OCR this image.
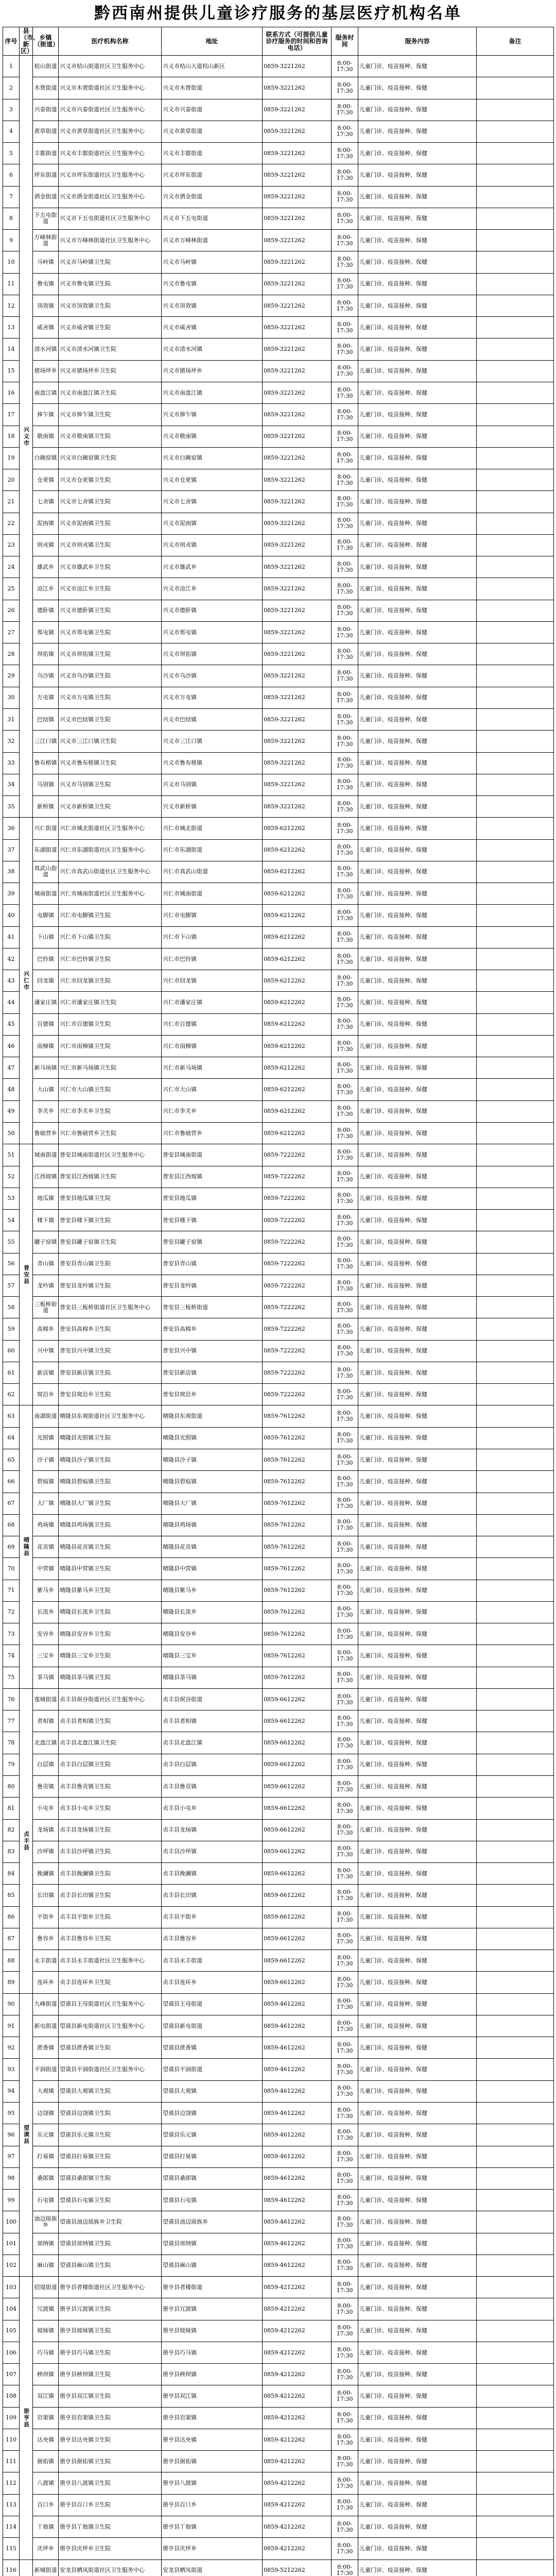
黔西南州提供儿童诊疗服务的基层医疗机构名单
序号	县（市、新区）	乡镇（街道）	医疗机构名称	地址	联系方式（可提供儿童诊疗服务的时间和咨询电话）	服务时间	服务内容	备注
1	兴义市	桔山街道	兴义市桔山街道社区卫生服务中心	兴义市桔山大道桔山新区	0859-3221262	8:00-17:30	儿童门诊、疫苗接种、保健	
2		木贾街道	兴义市木贾街道社区卫生服务中心	兴义市木贾街道	0859-3221262	8:00-17:30	儿童门诊、疫苗接种、保健	
3		兴泰街道	兴义市兴泰街道社区卫生服务中心	兴义市兴泰街道	0859-3221262	8:00-17:30	儿童门诊、疫苗接种、保健	
4		黄草街道	兴义市黄草街道社区卫生服务中心	兴义市黄草街道	0859-3221262	8:00-17:30	儿童门诊、疫苗接种、保健	
5		丰都街道	兴义市丰都街道社区卫生服务中心	兴义市丰都街道	0859-3221262	8:00-17:30	儿童门诊、疫苗接种、保健	
6		坪东街道	兴义市坪东街道社区卫生服务中心	兴义市坪东街道	0859-3221262	8:00-17:30	儿童门诊、疫苗接种、保健	
7		洒金街道	兴义市洒金街道社区卫生服务中心	兴义市洒金街道	0859-3221262	8:00-17:30	儿童门诊、疫苗接种、保健	
8		下五屯街道	兴义市下五屯街道社区卫生服务中心	兴义市下五屯街道	0859-3221262	8:00-17:30	儿童门诊、疫苗接种、保健	
9		万峰林街道	兴义市万峰林街道社区卫生服务中心	兴义市万峰林街道	0859-3221262	8:00-17:30	儿童门诊、疫苗接种、保健	
10		马岭镇	兴义市马岭镇卫生院	兴义市马岭镇	0859-3221262	8:00-17:30	儿童门诊、疫苗接种、保健	
11		鲁屯镇	兴义市鲁屯镇卫生院	兴义市鲁屯镇	0859-3221262	8:00-17:30	儿童门诊、疫苗接种、保健	
12		顶效镇	兴义市顶效镇卫生院	兴义市顶效镇	0859-3221262	8:00-17:30	儿童门诊、疫苗接种、保健	
13		威舍镇	兴义市威舍镇卫生院	兴义市威舍镇	0859-3221262	8:00-17:30	儿童门诊、疫苗接种、保健	
14		清水河镇	兴义市清水河镇卫生院	兴义市清水河镇	0859-3221262	8:00-17:30	儿童门诊、疫苗接种、保健	
15		猪场坪乡	兴义市猪场坪乡卫生院	兴义市猪场坪乡	0859-3221262	8:00-17:30	儿童门诊、疫苗接种、保健	
16		南盘江镇	兴义市南盘江镇卫生院	兴义市南盘江镇	0859-3221262	8:00-17:30	儿童门诊、疫苗接种、保健	
17		捧乍镇	兴义市捧乍镇卫生院	兴义市捧乍镇	0859-3221262	8:00-17:30	儿童门诊、疫苗接种、保健	
18		敬南镇	兴义市敬南镇卫生院	兴义市敬南镇	0859-3221262	8:00-17:30	儿童门诊、疫苗接种、保健	
19		白碗窑镇	兴义市白碗窑镇卫生院	兴义市白碗窑镇	0859-3221262	8:00-17:30	儿童门诊、疫苗接种、保健	
20		仓更镇	兴义市仓更镇卫生院	兴义市仓更镇	0859-3221262	8:00-17:30	儿童门诊、疫苗接种、保健	
21		七舍镇	兴义市七舍镇卫生院	兴义市七舍镇	0859-3221262	8:00-17:30	儿童门诊、疫苗接种、保健	
22		泥凼镇	兴义市泥凼镇卫生院	兴义市泥凼镇	0859-3221262	8:00-17:30	儿童门诊、疫苗接种、保健	
23		则戎镇	兴义市则戎镇卫生院	兴义市则戎镇	0859-3221262	8:00-17:30	儿童门诊、疫苗接种、保健	
24		雄武乡	兴义市雄武乡卫生院	兴义市雄武乡	0859-3221262	8:00-17:30	儿童门诊、疫苗接种、保健	
25		沧江乡	兴义市沧江乡卫生院	兴义市沧江乡	0859-3221262	8:00-17:30	儿童门诊、疫苗接种、保健	
26		德卧镇	兴义市德卧镇卫生院	兴义市德卧镇	0859-3221262	8:00-17:30	儿童门诊、疫苗接种、保健	
27		郑屯镇	兴义市郑屯镇卫生院	兴义市郑屯镇	0859-3221262	8:00-17:30	儿童门诊、疫苗接种、保健	
28		坝佑镇	兴义市坝佑镇卫生院	兴义市坝佑镇	0859-3221262	8:00-17:30	儿童门诊、疫苗接种、保健	
29		乌沙镇	兴义市乌沙镇卫生院	兴义市乌沙镇	0859-3221262	8:00-17:30	儿童门诊、疫苗接种、保健	
30		万屯镇	兴义市万屯镇卫生院	兴义市万屯镇	0859-3221262	8:00-17:30	儿童门诊、疫苗接种、保健	
31		巴结镇	兴义市巴结镇卫生院	兴义市巴结镇	0859-3221262	8:00-17:30	儿童门诊、疫苗接种、保健	
32		三江口镇	兴义市三江口镇卫生院	兴义市三江口镇	0859-3221262	8:00-17:30	儿童门诊、疫苗接种、保健	
33		鲁布格镇	兴义市鲁布格镇卫生院	兴义市鲁布格镇	0859-3221262	8:00-17:30	儿童门诊、疫苗接种、保健	
34		马别镇	兴义市马别镇卫生院	兴义市马别镇	0859-3221262	8:00-17:30	儿童门诊、疫苗接种、保健	
35		新桥镇	兴义市新桥镇卫生院	兴义市新桥镇	0859-3221262	8:00-17:30	儿童门诊、疫苗接种、保健	
36	兴仁市	兴仁街道	兴仁市城北街道社区卫生服务中心	兴仁市城北街道	0859-6212262	8:00-17:30	儿童门诊、疫苗接种、保健	
37		东湖街道	兴仁市东湖街道社区卫生服务中心	兴仁市东湖街道	0859-6212262	8:00-17:30	儿童门诊、疫苗接种、保健	
38		真武山街道	兴仁市真武山街道社区卫生服务中心	兴仁市真武山街道	0859-6212262	8:00-17:30	儿童门诊、疫苗接种、保健	
39		城南街道	兴仁市城南街道社区卫生服务中心	兴仁市城南街道	0859-6212262	8:00-17:30	儿童门诊、疫苗接种、保健	
40		屯脚镇	兴仁市屯脚镇卫生院	兴仁市屯脚镇	0859-6212262	8:00-17:30	儿童门诊、疫苗接种、保健	
41		下山镇	兴仁市下山镇卫生院	兴仁市下山镇	0859-6212262	8:00-17:30	儿童门诊、疫苗接种、保健	
42		巴铃镇	兴仁市巴铃镇卫生院	兴仁市巴铃镇	0859-6212262	8:00-17:30	儿童门诊、疫苗接种、保健	
43		回龙镇	兴仁市回龙镇卫生院	兴仁市回龙镇	0859-6212262	8:00-17:30	儿童门诊、疫苗接种、保健	
44		潘家庄镇	兴仁市潘家庄镇卫生院	兴仁市潘家庄镇	0859-6212262	8:00-17:30	儿童门诊、疫苗接种、保健	
45		百德镇	兴仁市百德镇卫生院	兴仁市百德镇	0859-6212262	8:00-17:30	儿童门诊、疫苗接种、保健	
46		雨樟镇	兴仁市雨樟镇卫生院	兴仁市雨樟镇	0859-6212262	8:00-17:30	儿童门诊、疫苗接种、保健	
47		新马场镇	兴仁市新马场镇卫生院	兴仁市新马场镇	0859-6212262	8:00-17:30	儿童门诊、疫苗接种、保健	
48		大山镇	兴仁市大山镇卫生院	兴仁市大山镇	0859-6212262	8:00-17:30	儿童门诊、疫苗接种、保健	
49		李关乡	兴仁市李关乡卫生院	兴仁市李关乡	0859-6212262	8:00-17:30	儿童门诊、疫苗接种、保健	
50		鲁础营乡	兴仁市鲁础营乡卫生院	兴仁市鲁础营乡	0859-6212262	8:00-17:30	儿童门诊、疫苗接种、保健	
51	普安县	城南街道	普安县城南街道社区卫生服务中心	普安县城南街道	0859-7222262	8:00-17:30	儿童门诊、疫苗接种、保健	
52		江西坡镇	普安县江西坡镇卫生院	普安县江西坡镇	0859-7222262	8:00-17:30	儿童门诊、疫苗接种、保健	
53		地瓜镇	普安县地瓜镇卫生院	普安县地瓜镇	0859-7222262	8:00-17:30	儿童门诊、疫苗接种、保健	
54		楼下镇	普安县楼下镇卫生院	普安县楼下镇	0859-7222262	8:00-17:30	儿童门诊、疫苗接种、保健	
55		罐子窑镇	普安县罐子窑镇卫生院	普安县罐子窑镇	0859-7222262	8:00-17:30	儿童门诊、疫苗接种、保健	
56		青山镇	普安县青山镇卫生院	普安县青山镇	0859-7222262	8:00-17:30	儿童门诊、疫苗接种、保健	
57		龙吟镇	普安县龙吟镇卫生院	普安县龙吟镇	0859-7222262	8:00-17:30	儿童门诊、疫苗接种、保健	
58		三板桥街道	普安县三板桥街道社区卫生服务中心	普安县三板桥街道	0859-7222262	8:00-17:30	儿童门诊、疫苗接种、保健	
59		高棉乡	普安县高棉乡卫生院	普安县高棉乡	0859-7222262	8:00-17:30	儿童门诊、疫苗接种、保健	
60		兴中镇	普安县兴中镇卫生院	普安县兴中镇	0859-7222262	8:00-17:30	儿童门诊、疫苗接种、保健	
61		新店镇	普安县新店镇卫生院	普安县新店镇	0859-7222262	8:00-17:30	儿童门诊、疫苗接种、保健	
62		窝沿乡	普安县窝沿乡卫生院	普安县窝沿乡	0859-7222262	8:00-17:30	儿童门诊、疫苗接种、保健	
63	晴隆县	南湖街道	晴隆县东观街道社区卫生服务中心	晴隆县东观街道	0859-7612262	8:00-17:30	儿童门诊、疫苗接种、保健	
64		光照镇	晴隆县光照镇卫生院	晴隆县光照镇	0859-7612262	8:00-17:30	儿童门诊、疫苗接种、保健	
65		沙子镇	晴隆县沙子镇卫生院	晴隆县沙子镇	0859-7612262	8:00-17:30	儿童门诊、疫苗接种、保健	
66		碧痕镇	晴隆县碧痕镇卫生院	晴隆县碧痕镇	0859-7612262	8:00-17:30	儿童门诊、疫苗接种、保健	
67		大厂镇	晴隆县大厂镇卫生院	晴隆县大厂镇	0859-7612262	8:00-17:30	儿童门诊、疫苗接种、保健	
68		鸡场镇	晴隆县鸡场镇卫生院	晴隆县鸡场镇	0859-7612262	8:00-17:30	儿童门诊、疫苗接种、保健	
69		花贡镇	晴隆县花贡镇卫生院	晴隆县花贡镇	0859-7612262	8:00-17:30	儿童门诊、疫苗接种、保健	
70		中营镇	晴隆县中营镇卫生院	晴隆县中营镇	0859-7612262	8:00-17:30	儿童门诊、疫苗接种、保健	
71		紫马乡	晴隆县紫马乡卫生院	晴隆县紫马乡	0859-7612262	8:00-17:30	儿童门诊、疫苗接种、保健	
72		长流乡	晴隆县长流乡卫生院	晴隆县长流乡	0859-7612262	8:00-17:30	儿童门诊、疫苗接种、保健	
73		安谷乡	晴隆县安谷乡卫生院	晴隆县安谷乡	0859-7612262	8:00-17:30	儿童门诊、疫苗接种、保健	
74		三宝乡	晴隆县三宝乡卫生院	晴隆县三宝乡	0859-7612262	8:00-17:30	儿童门诊、疫苗接种、保健	
75		茶马镇	晴隆县茶马镇卫生院	晴隆县茶马镇	0859-7612262	8:00-17:30	儿童门诊、疫苗接种、保健	
76	贞丰县	莲城街道	贞丰县珉谷街道社区卫生服务中心	贞丰县珉谷街道	0859-6612262	8:00-17:30	儿童门诊、疫苗接种、保健	
77		者相镇	贞丰县者相镇卫生院	贞丰县者相镇	0859-6612262	8:00-17:30	儿童门诊、疫苗接种、保健	
78		北盘江镇	贞丰县北盘江镇卫生院	贞丰县北盘江镇	0859-6612262	8:00-17:30	儿童门诊、疫苗接种、保健	
79		白层镇	贞丰县白层镇卫生院	贞丰县白层镇	0859-6612262	8:00-17:30	儿童门诊、疫苗接种、保健	
80		鲁贡镇	贞丰县鲁贡镇卫生院	贞丰县鲁贡镇	0859-6612262	8:00-17:30	儿童门诊、疫苗接种、保健	
81		小屯乡	贞丰县小屯乡卫生院	贞丰县小屯乡	0859-6612262	8:00-17:30	儿童门诊、疫苗接种、保健	
82		龙场镇	贞丰县龙场镇卫生院	贞丰县龙场镇	0859-6612262	8:00-17:30	儿童门诊、疫苗接种、保健	
83		沙坪镇	贞丰县沙坪镇卫生院	贞丰县沙坪镇	0859-6612262	8:00-17:30	儿童门诊、疫苗接种、保健	
84		挽澜镇	贞丰县挽澜镇卫生院	贞丰县挽澜镇	0859-6612262	8:00-17:30	儿童门诊、疫苗接种、保健	
85		长田镇	贞丰县长田镇卫生院	贞丰县长田镇	0859-6612262	8:00-17:30	儿童门诊、疫苗接种、保健	
86		平街乡	贞丰县平街乡卫生院	贞丰县平街乡	0859-6612262	8:00-17:30	儿童门诊、疫苗接种、保健	
87		鲁容乡	贞丰县鲁容乡卫生院	贞丰县鲁容乡	0859-6612262	8:00-17:30	儿童门诊、疫苗接种、保健	
88		永丰街道	贞丰县永丰街道社区卫生服务中心	贞丰县永丰街道	0859-6612262	8:00-17:30	儿童门诊、疫苗接种、保健	
89		连环乡	贞丰县连环乡卫生院	贞丰县连环乡	0859-6612262	8:00-17:30	儿童门诊、疫苗接种、保健	
90	望谟县	九峰街道	望谟县王母街道社区卫生服务中心	望谟县王母街道	0859-4612262	8:00-17:30	儿童门诊、疫苗接种、保健	
91		新屯街道	望谟县新屯街道社区卫生服务中心	望谟县新屯街道	0859-4612262	8:00-17:30	儿童门诊、疫苗接种、保健	
92		蔗香镇	望谟县蔗香镇卫生院	望谟县蔗香镇	0859-4612262	8:00-17:30	儿童门诊、疫苗接种、保健	
93		平洞街道	望谟县平洞街道社区卫生服务中心	望谟县平洞街道	0859-4612262	8:00-17:30	儿童门诊、疫苗接种、保健	
94		大观镇	望谟县大观镇卫生院	望谟县大观镇	0859-4612262	8:00-17:30	儿童门诊、疫苗接种、保健	
95		边饶镇	望谟县边饶镇卫生院	望谟县边饶镇	0859-4612262	8:00-17:30	儿童门诊、疫苗接种、保健	
96		乐元镇	望谟县乐元镇卫生院	望谟县乐元镇	0859-4612262	8:00-17:30	儿童门诊、疫苗接种、保健	
97		打易镇	望谟县打易镇卫生院	望谟县打易镇	0859-4612262	8:00-17:30	儿童门诊、疫苗接种、保健	
98		桑郎镇	望谟县桑郎镇卫生院	望谟县桑郎镇	0859-4612262	8:00-17:30	儿童门诊、疫苗接种、保健	
99		石屯镇	望谟县石屯镇卫生院	望谟县石屯镇	0859-4612262	8:00-17:30	儿童门诊、疫苗接种、保健	
100		油迈瑶族乡	望谟县油迈瑶族乡卫生院	望谟县油迈瑶族乡	0859-4612262	8:00-17:30	儿童门诊、疫苗接种、保健	
101		郊纳镇	望谟县郊纳镇卫生院	望谟县郊纳镇	0859-4612262	8:00-17:30	儿童门诊、疫苗接种、保健	
102		麻山镇	望谟县麻山镇卫生院	望谟县麻山镇	0859-4612262	8:00-17:30	儿童门诊、疫苗接种、保健	
103	册亨县	招堤街道	册亨县者楼街道社区卫生服务中心	册亨县者楼街道	0859-4212262	8:00-17:30	儿童门诊、疫苗接种、保健	
104		冗渡镇	册亨县冗渡镇卫生院	册亨县冗渡镇	0859-4212262	8:00-17:30	儿童门诊、疫苗接种、保健	
105		坡妹镇	册亨县坡妹镇卫生院	册亨县坡妹镇	0859-4212262	8:00-17:30	儿童门诊、疫苗接种、保健	
106		巧马镇	册亨县巧马镇卫生院	册亨县巧马镇	0859-4212262	8:00-17:30	儿童门诊、疫苗接种、保健	
107		秧坝镇	册亨县秧坝镇卫生院	册亨县秧坝镇	0859-4212262	8:00-17:30	儿童门诊、疫苗接种、保健	
108		双江镇	册亨县双江镇卫生院	册亨县双江镇	0859-4212262	8:00-17:30	儿童门诊、疫苗接种、保健	
109		岩架镇	册亨县岩架镇卫生院	册亨县岩架镇	0859-4212262	8:00-17:30	儿童门诊、疫苗接种、保健	
110		达央镇	册亨县达央镇卫生院	册亨县达央镇	0859-4212262	8:00-17:30	儿童门诊、疫苗接种、保健	
111		弼佑镇	册亨县弼佑镇卫生院	册亨县弼佑镇	0859-4212262	8:00-17:30	儿童门诊、疫苗接种、保健	
112		八渡镇	册亨县八渡镇卫生院	册亨县八渡镇	0859-4212262	8:00-17:30	儿童门诊、疫苗接种、保健	
113		百口乡	册亨县百口乡卫生院	册亨县百口乡	0859-4212262	8:00-17:30	儿童门诊、疫苗接种、保健	
114		丫他镇	册亨县丫他镇卫生院	册亨县丫他镇	0859-4212262	8:00-17:30	儿童门诊、疫苗接种、保健	
115		庆坪乡	册亨县庆坪乡卫生院	册亨县庆坪乡	0859-4212262	8:00-17:30	儿童门诊、疫苗接种、保健	
116		新城街道	安龙县栖凤街道社区卫生服务中心	安龙县栖凤街道	0859-5212262	8:00-17:30	儿童门诊、疫苗接种、保健	
